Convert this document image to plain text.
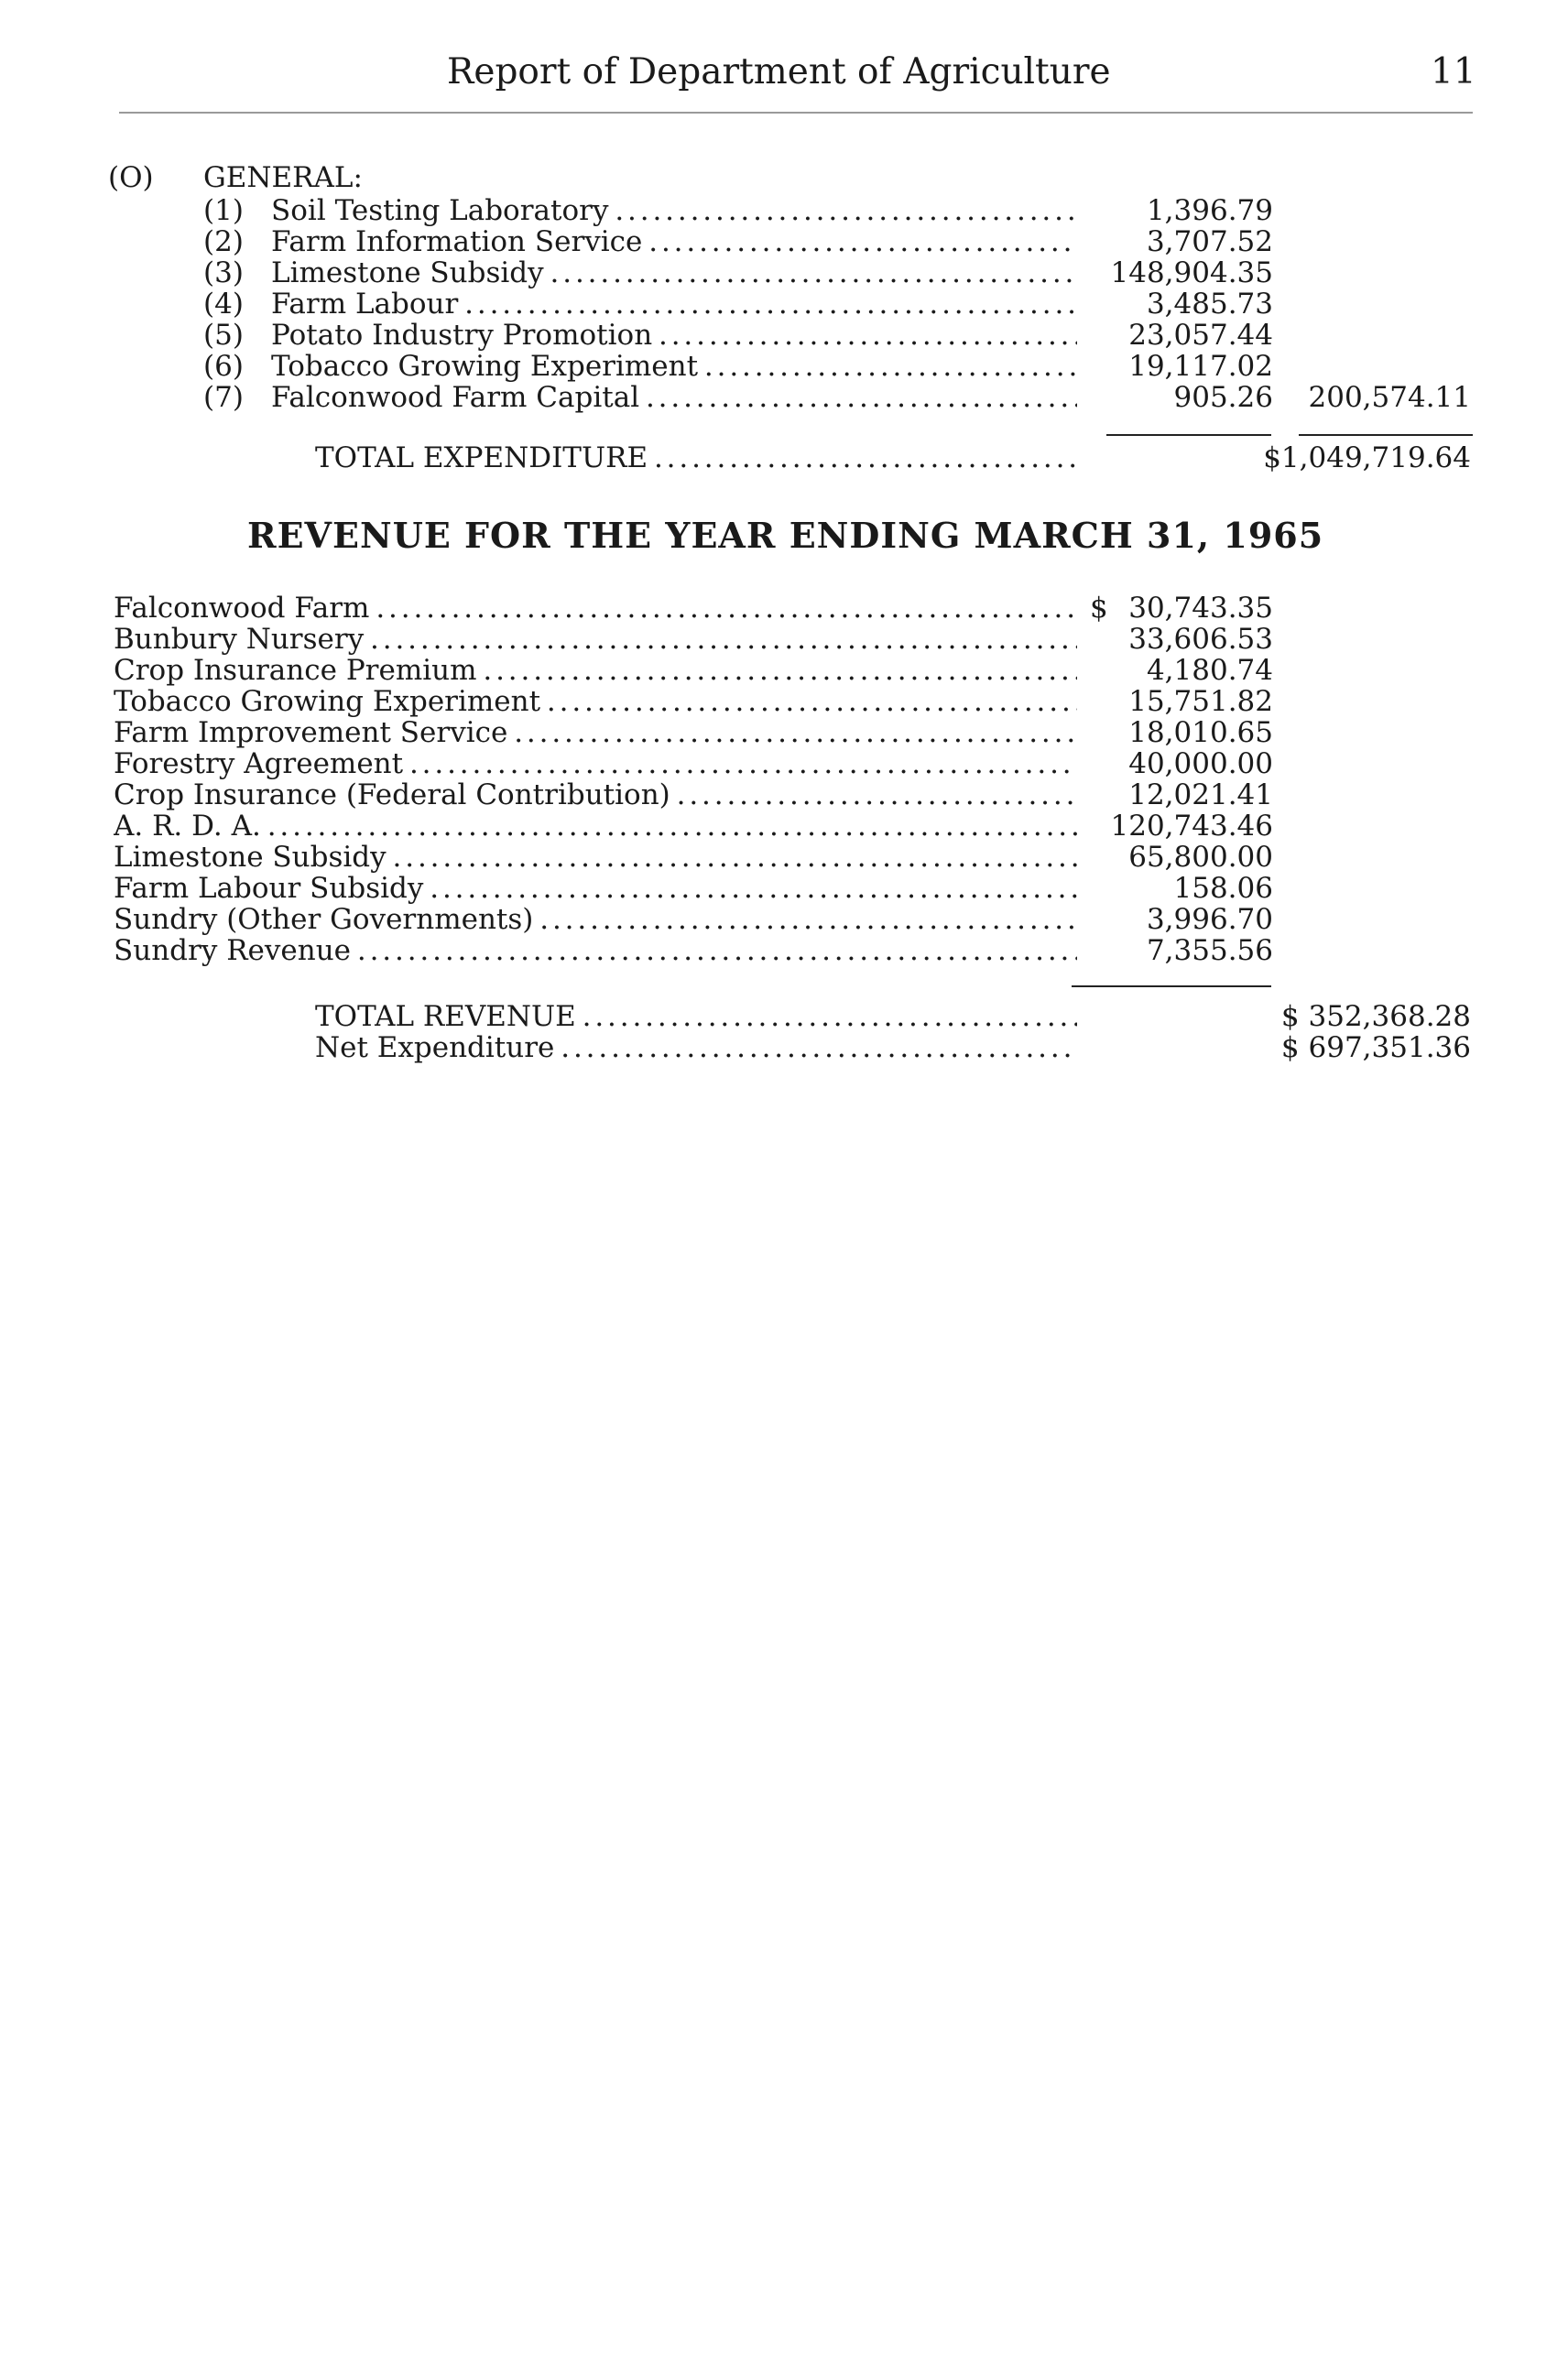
Report of Department of Agriculture	11
(O) GENERAL:
(1) Soil Testing Laboratory . . .	1,396.79
(2) Farm Information Service . . .	3,707.52
(3) Limestone Subsidy . . .	148,904.35
(4) Farm Labour . . .	3,485.73
(5) Potato Industry Promotion . . .	23,057.44
(6) Tobacco Growing Experiment . . .	19,117.02
(7) Falconwood Farm Capital . . .	905.26 200,574.11
TOTAL EXPENDITURE . . .	$1,049,719.64
REVENUE FOR THE YEAR ENDING MARCH 31, 1965
$
Falconwood Farm . . .	30,743.35
Bunbury Nursery . . .	33,606.53
Crop Insurance Premium . . .	4,180.74
Tobacco Growing Experiment . . .	15,751.82
Farm Improvement Service . . .	18,010.65
Forestry Agreement . . .	40,000.00
Crop Insurance (Federal Contribution) . . .	12,021.41
A. R. D. A. . . .	120,743.46
Limestone Subsidy . . .	65,800.00
Farm Labour Subsidy . . .	158.06
Sundry (Other Governments) . . .	3,996.70
Sundry Revenue . . .	7,355.56
TOTAL REVENUE . . .	$ 352,368.28
Net Expenditure . . .	$ 697,351.36
